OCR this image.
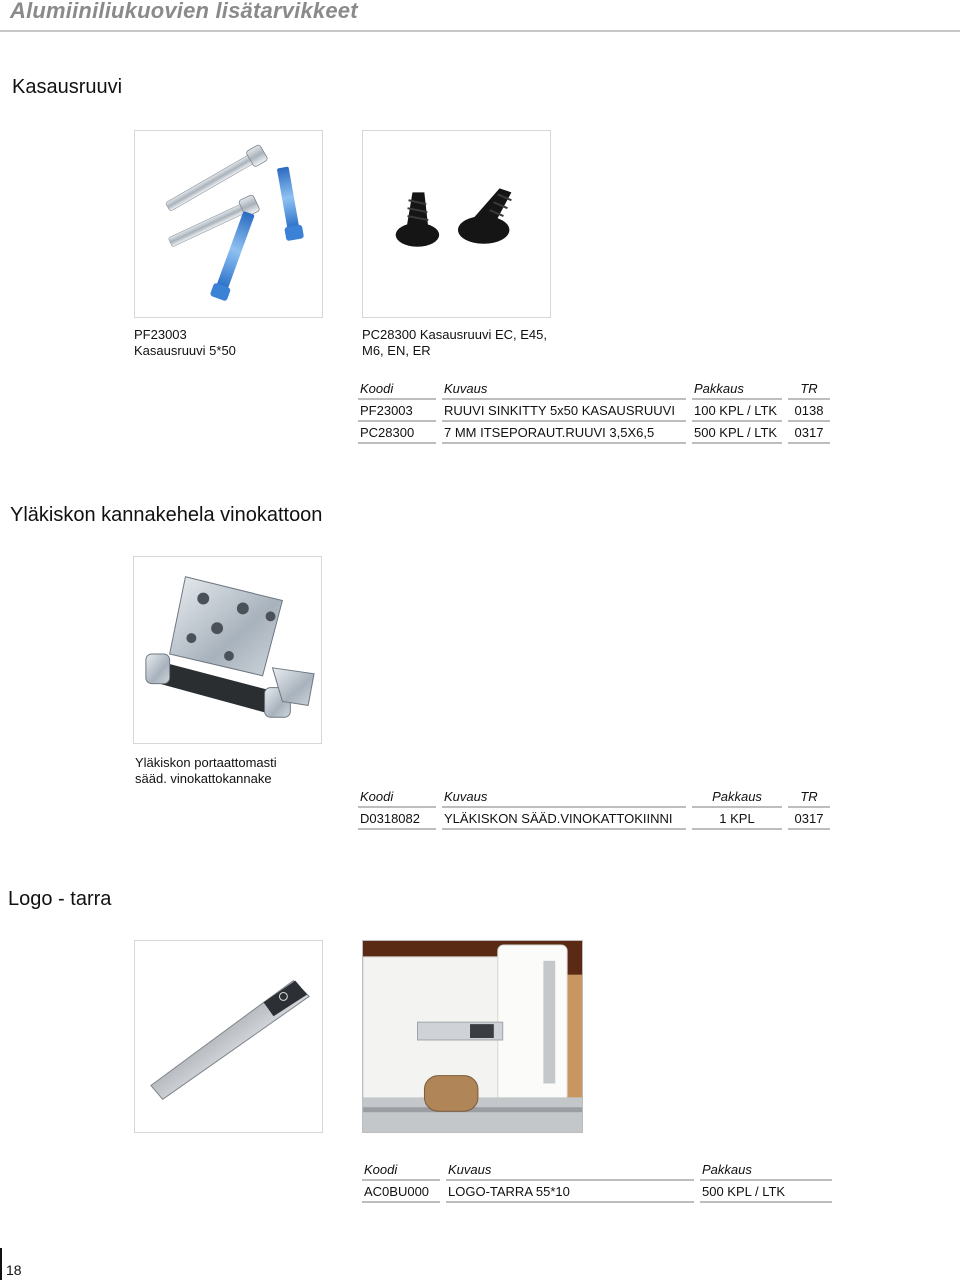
Alumiiniliukuovien lisätarvikkeet
Kasausruuvi
PF23003
Kasausruuvi 5*50
PC28300 Kasausruuvi EC, E45,
M6, EN, ER
Koodi	Kuvaus	Pakkaus	TR
PF23003	RUUVI SINKITTY 5x50 KASAUSRUUVI	100 KPL / LTK	0138
PC28300	7 MM ITSEPORAUT.RUUVI 3,5X6,5	500 KPL / LTK	0317
Yläkiskon kannakehela vinokattoon
Yläkiskon portaattomasti
sääd. vinokattokannake
Koodi	Kuvaus	Pakkaus	TR
D0318082	YLÄKISKON SÄÄD.VINOKATTOKIINNI	1 KPL	0317
Logo - tarra
Koodi	Kuvaus	Pakkaus
AC0BU000	LOGO-TARRA 55*10	500 KPL / LTK
18
